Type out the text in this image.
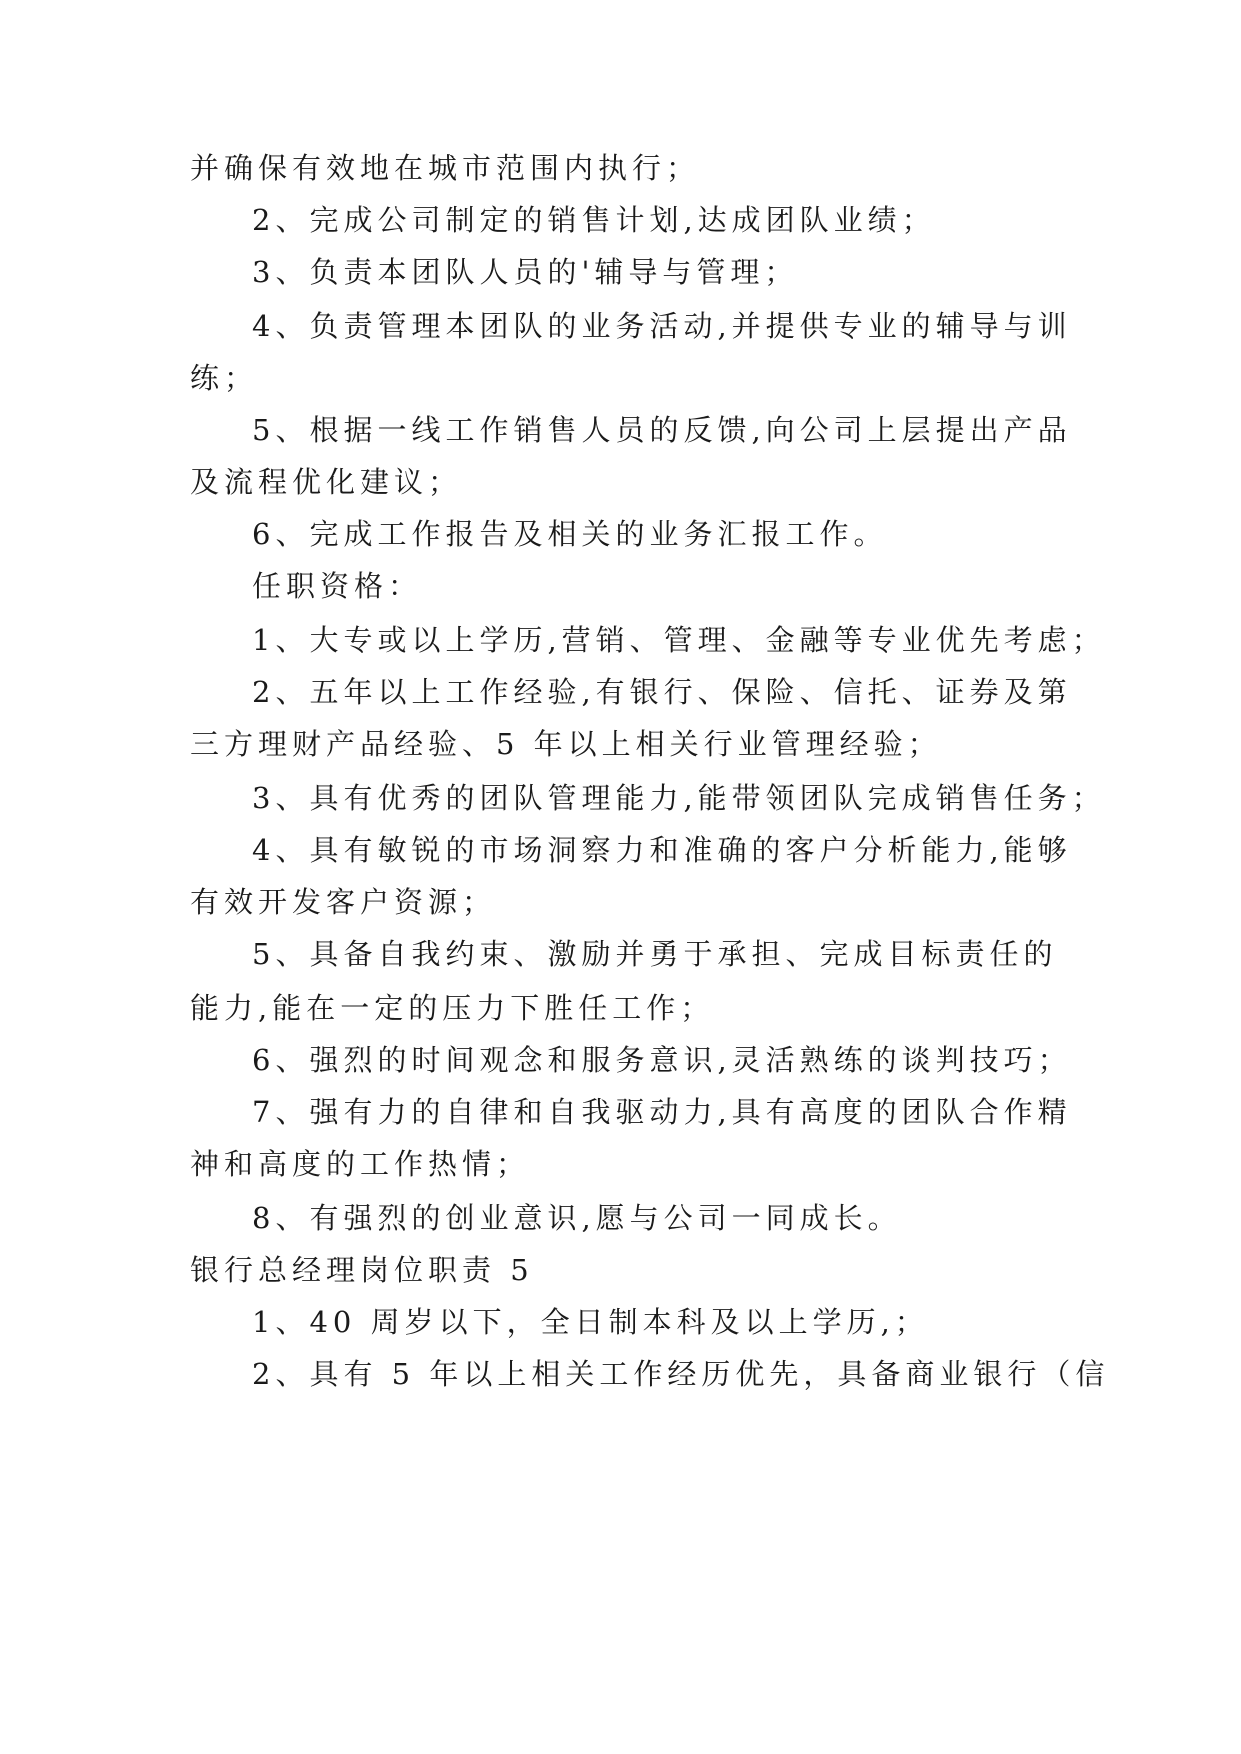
并确保有效地在城市范围内执行；
2、完成公司制定的销售计划,达成团队业绩；
3、负责本团队人员的'辅导与管理；
4、负责管理本团队的业务活动,并提供专业的辅导与训
练；
5、根据一线工作销售人员的反馈,向公司上层提出产品
及流程优化建议；
6、完成工作报告及相关的业务汇报工作。
任职资格：
1、大专或以上学历,营销、管理、金融等专业优先考虑；
2、五年以上工作经验,有银行、保险、信托、证券及第
三方理财产品经验、5 年以上相关行业管理经验；
3、具有优秀的团队管理能力,能带领团队完成销售任务；
4、具有敏锐的市场洞察力和准确的客户分析能力,能够
有效开发客户资源；
5、具备自我约束、激励并勇于承担、完成目标责任的
能力,能在一定的压力下胜任工作；
6、强烈的时间观念和服务意识,灵活熟练的谈判技巧；
7、强有力的自律和自我驱动力,具有高度的团队合作精
神和高度的工作热情；
8、有强烈的创业意识,愿与公司一同成长。
银行总经理岗位职责 5
1、40 周岁以下，全日制本科及以上学历,；
2、具有 5 年以上相关工作经历优先，具备商业银行（信
